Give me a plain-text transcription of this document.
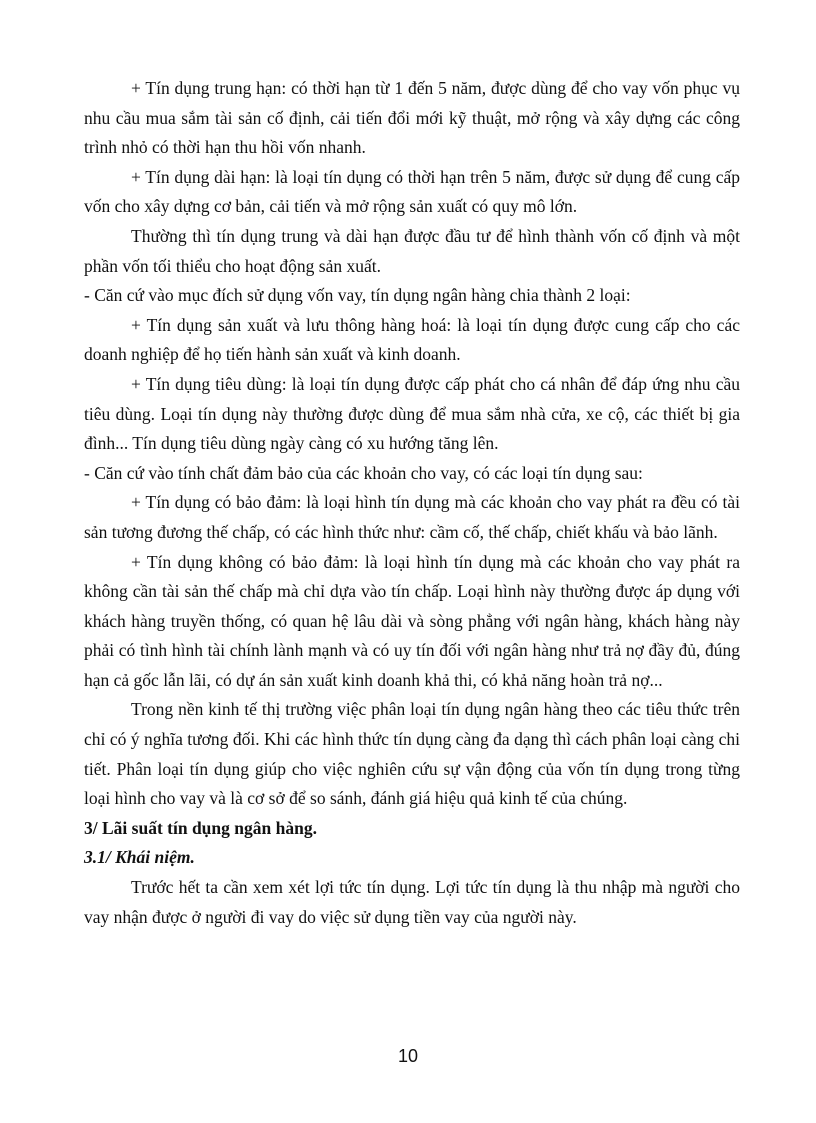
+ Tín dụng trung hạn: có thời hạn từ 1 đến 5 năm, được dùng để cho vay vốn phục vụ nhu cầu mua sắm tài sản cố định, cải tiến đổi mới kỹ thuật, mở rộng và xây dựng các công trình nhỏ có thời hạn thu hồi vốn nhanh.

+ Tín dụng dài hạn: là loại tín dụng có thời hạn trên 5 năm, được sử dụng để cung cấp vốn cho xây dựng cơ bản, cải tiến và mở rộng sản xuất có quy mô lớn.

Thường thì tín dụng trung và dài hạn được đầu tư để hình thành vốn cố định và một phần vốn tối thiểu cho hoạt động sản xuất.

- Căn cứ vào mục đích sử dụng vốn vay, tín dụng ngân hàng chia thành 2 loại:

+ Tín dụng sản xuất và lưu thông hàng hoá: là loại tín dụng được cung cấp cho các doanh nghiệp để họ tiến hành sản xuất và kinh doanh.

+ Tín dụng tiêu dùng: là loại tín dụng được cấp phát cho cá nhân để đáp ứng nhu cầu tiêu dùng. Loại tín dụng này thường được dùng để mua sắm nhà cửa, xe cộ, các thiết bị gia đình... Tín dụng tiêu dùng ngày càng có xu hướng tăng lên.

- Căn cứ vào tính chất đảm bảo của các khoản cho vay, có các loại tín dụng sau:

+ Tín dụng có bảo đảm: là loại hình tín dụng mà các khoản cho vay phát ra đều có tài sản tương đương thế chấp, có các hình thức như: cầm cố, thế chấp, chiết khấu và bảo lãnh.

+ Tín dụng không có bảo đảm: là loại hình tín dụng mà các khoản cho vay phát ra không cần tài sản thế chấp mà chỉ dựa vào tín chấp. Loại hình này thường được áp dụng với khách hàng truyền thống, có quan hệ lâu dài và sòng phẳng với ngân hàng, khách hàng này phải có tình hình tài chính lành mạnh và có uy tín đối với ngân hàng như trả nợ đầy đủ, đúng hạn cả gốc lẫn lãi, có dự án sản xuất kinh doanh khả thi, có khả năng hoàn trả nợ...

Trong nền kinh tế thị trường việc phân loại tín dụng ngân hàng theo các tiêu thức trên chỉ có ý nghĩa tương đối. Khi các hình thức tín dụng càng đa dạng thì cách phân loại càng chi tiết. Phân loại tín dụng giúp cho việc nghiên cứu sự vận động của vốn tín dụng trong từng loại hình cho vay và là cơ sở để so sánh, đánh giá hiệu quả kinh tế của chúng.

3/ Lãi suất tín dụng ngân hàng.

3.1/ Khái niệm.

Trước hết ta cần xem xét lợi tức tín dụng. Lợi tức tín dụng là thu nhập mà người cho vay nhận được ở người đi vay do việc sử dụng tiền vay của người này.

10
